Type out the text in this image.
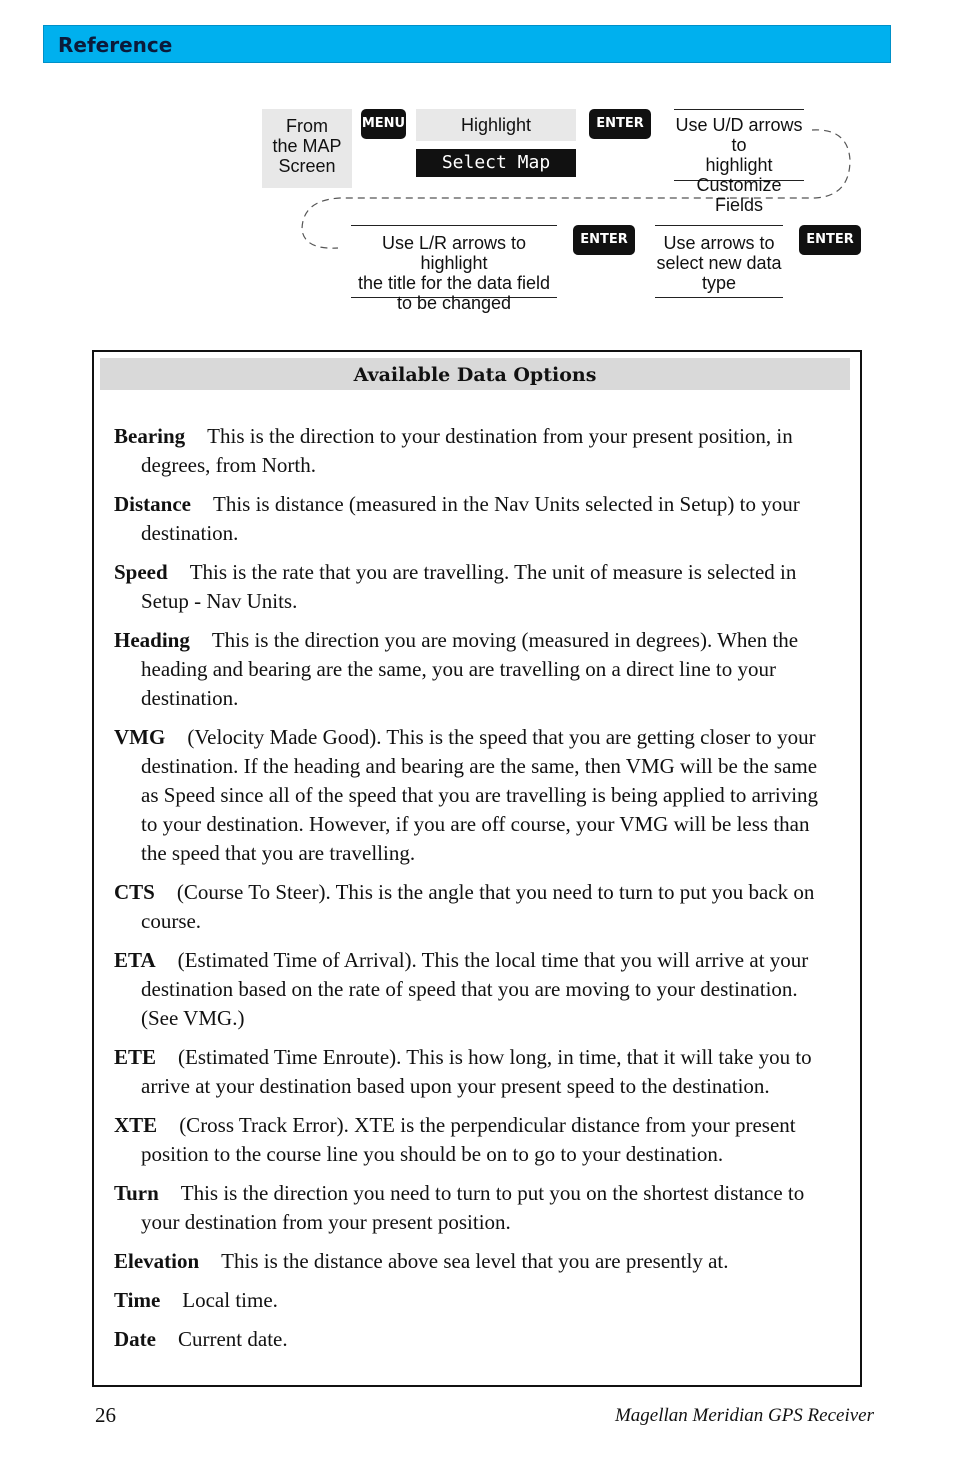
Reference
From
the MAP
Screen
MENU	Highlight
Select Map Info
ENTER	Use U/D arrows to
highlight
Customize Fields
Use L/R arrows to highlight
the title for the data field
to be changed
ENTER	Use arrows to
select new data
type
ENTER
Available Data Options
Bearing This is the direction to your destination from your present position, in degrees, from North.
Distance This is distance (measured in the Nav Units selected in Setup) to your destination.
Speed This is the rate that you are travelling. The unit of measure is selected in Setup - Nav Units.
Heading This is the direction you are moving (measured in degrees). When the heading and bearing are the same, you are travelling on a direct line to your destination.
VMG (Velocity Made Good). This is the speed that you are getting closer to your destination. If the heading and bearing are the same, then VMG will be the same as Speed since all of the speed that you are travelling is being applied to arriving to your destination. However, if you are off course, your VMG will be less than the speed that you are travelling.
CTS (Course To Steer). This is the angle that you need to turn to put you back on course.
ETA (Estimated Time of Arrival). This the local time that you will arrive at your destination based on the rate of speed that you are moving to your destination. (See VMG.)
ETE (Estimated Time Enroute). This is how long, in time, that it will take you to arrive at your destination based upon your present speed to the destination.
XTE (Cross Track Error). XTE is the perpendicular distance from your present position to the course line you should be on to go to your destination.
Turn This is the direction you need to turn to put you on the shortest distance to your destination from your present position.
Elevation This is the distance above sea level that you are presently at.
Time Local time.
Date Current date.
26	Magellan Meridian GPS Receiver
